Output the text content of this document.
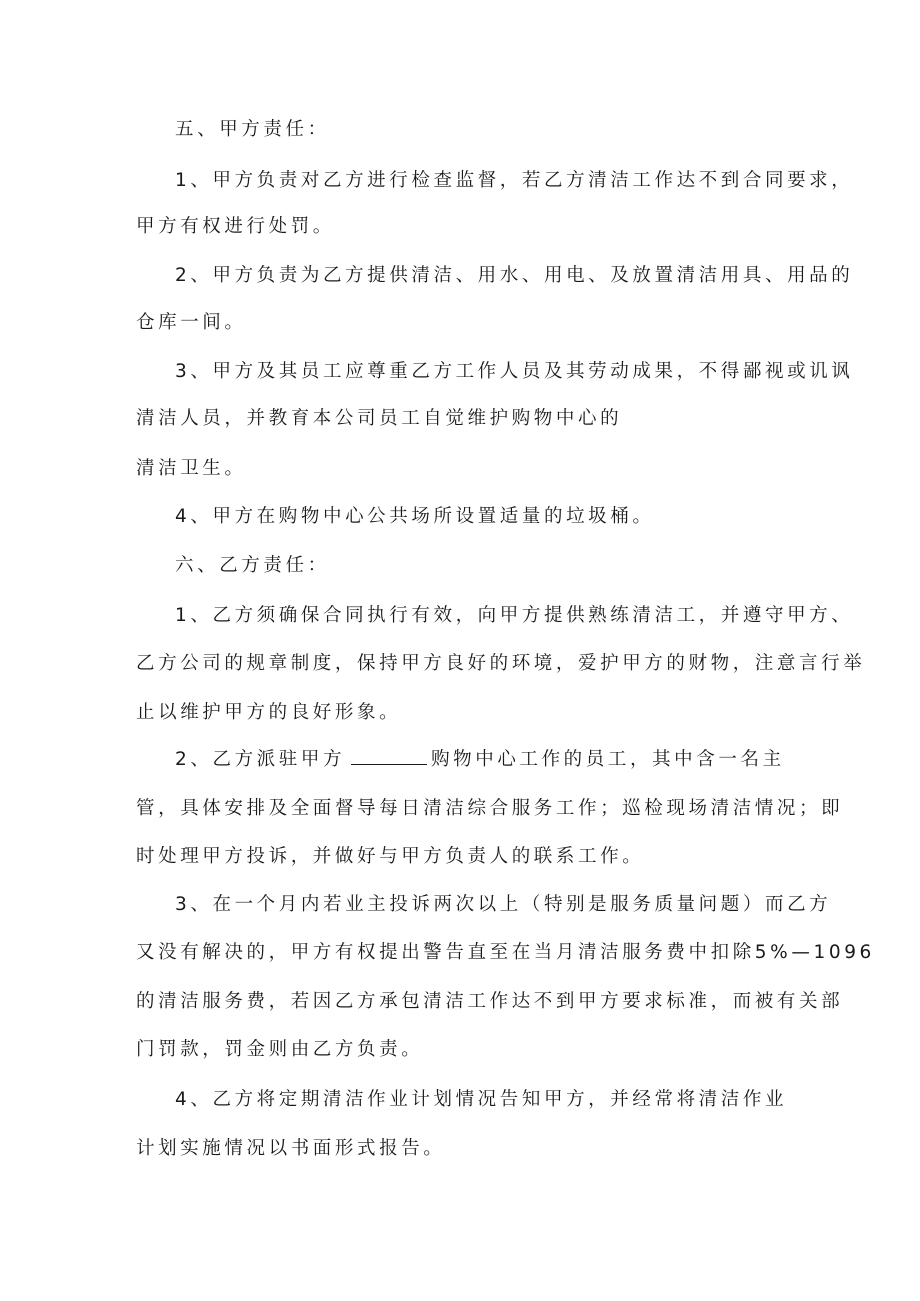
五、甲方责任：
1、甲方负责对乙方进行检查监督，若乙方清洁工作达不到合同要求，
甲方有权进行处罚。
2、甲方负责为乙方提供清洁、用水、用电、及放置清洁用具、用品的
仓库一间。
3、甲方及其员工应尊重乙方工作人员及其劳动成果，不得鄙视或讥讽
清洁人员，并教育本公司员工自觉维护购物中心的
清洁卫生。
4、甲方在购物中心公共场所设置适量的垃圾桶。
六、乙方责任：
1、乙方须确保合同执行有效，向甲方提供熟练清洁工，并遵守甲方、
乙方公司的规章制度，保持甲方良好的环境，爱护甲方的财物，注意言行举
止以维护甲方的良好形象。
2、乙方派驻甲方	购物中心工作的员工，其中含一名主
管，具体安排及全面督导每日清洁综合服务工作；巡检现场清洁情况；即
时处理甲方投诉，并做好与甲方负责人的联系工作。
3、在一个月内若业主投诉两次以上（特别是服务质量问题）而乙方
又没有解决的，甲方有权提出警告直至在当月清洁服务费中扣除5%—1096
的清洁服务费，若因乙方承包清洁工作达不到甲方要求标准，而被有关部
门罚款，罚金则由乙方负责。
4、乙方将定期清洁作业计划情况告知甲方，并经常将清洁作业
计划实施情况以书面形式报告。
